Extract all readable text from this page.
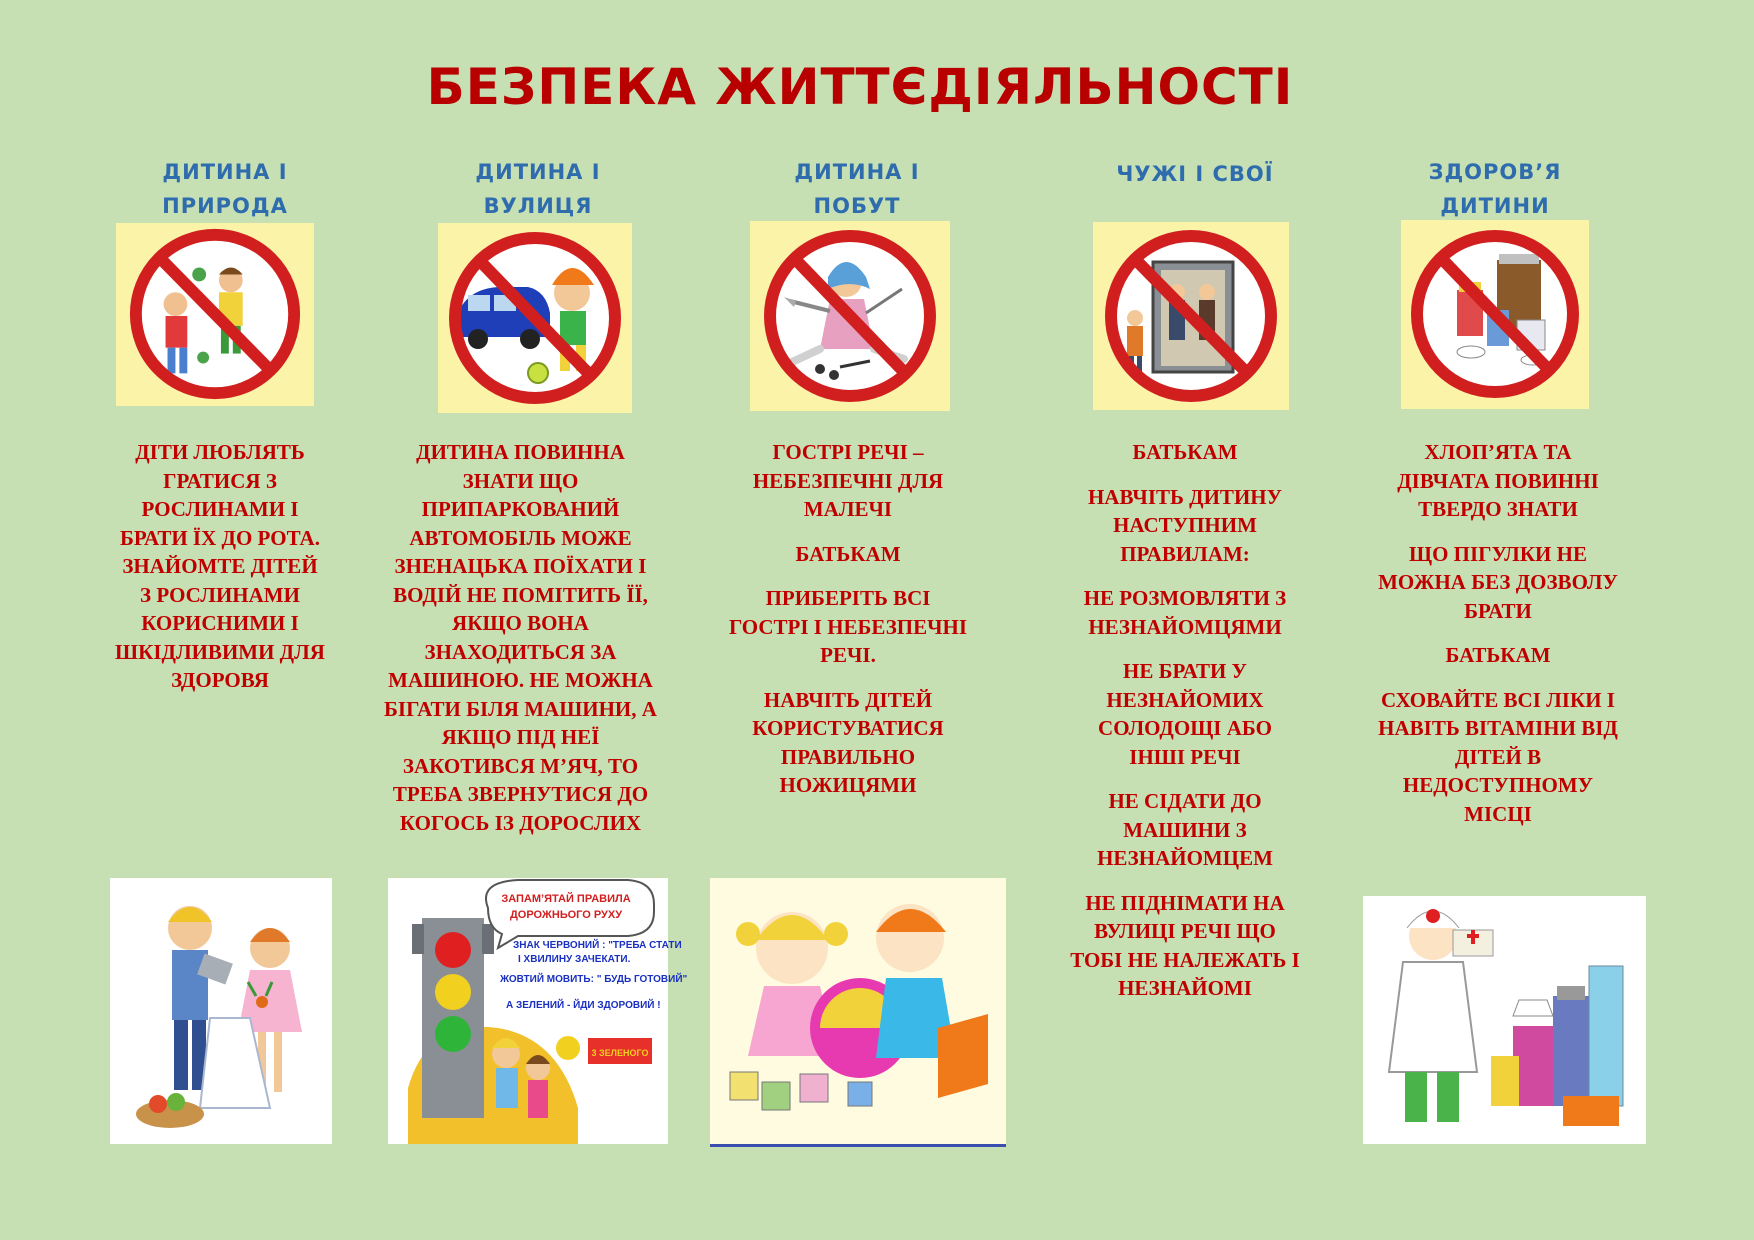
БЕЗПЕКА ЖИТТЄДІЯЛЬНОСТІ
ДИТИНА І
ПРИРОДА

ДІТИ ЛЮБЛЯТЬ ГРАТИСЯ З РОСЛИНАМИ І БРАТИ ЇХ ДО РОТА. ЗНАЙОМТЕ ДІТЕЙ З РОСЛИНАМИ КОРИСНИМИ І ШКІДЛИВИМИ ДЛЯ ЗДОРОВЯ

ДИТИНА І
ВУЛИЦЯ

ДИТИНА ПОВИННА ЗНАТИ ЩО ПРИПАРКОВАНИЙ АВТОМОБІЛЬ МОЖЕ ЗНЕНАЦЬКА ПОЇХАТИ І ВОДІЙ НЕ ПОМІТИТЬ ЇЇ, ЯКЩО ВОНА ЗНАХОДИТЬСЯ ЗА МАШИНОЮ. НЕ МОЖНА БІГАТИ БІЛЯ МАШИНИ, А ЯКЩО ПІД НЕЇ ЗАКОТИВСЯ М’ЯЧ, ТО ТРЕБА ЗВЕРНУТИСЯ ДО КОГОСЬ ІЗ ДОРОСЛИХ

ЗАПАМ’ЯТАЙ ПРАВИЛА
ДОРОЖНЬОГО РУХУ
ЗНАК ЧЕРВОНИЙ : "ТРЕБА СТАТИ
І ХВИЛИНУ ЗАЧЕКАТИ.
ЖОВТИЙ МОВИТЬ: " БУДЬ ГОТОВИЙ"
А ЗЕЛЕНИЙ - ЙДИ ЗДОРОВИЙ !
3 ЗЕЛЕНОГО
ДИТИНА І
ПОБУТ

ГОСТРІ РЕЧІ – НЕБЕЗПЕЧНІ ДЛЯ МАЛЕЧІ

БАТЬКАМ

ПРИБЕРІТЬ ВСІ ГОСТРІ І НЕБЕЗПЕЧНІ РЕЧІ.

НАВЧІТЬ ДІТЕЙ КОРИСТУВАТИСЯ ПРАВИЛЬНО НОЖИЦЯМИ

ЧУЖІ І СВОЇ

БАТЬКАМ

НАВЧІТЬ ДИТИНУ НАСТУПНИМ ПРАВИЛАМ:

НЕ РОЗМОВЛЯТИ З НЕЗНАЙОМЦЯМИ

НЕ БРАТИ У НЕЗНАЙОМИХ СОЛОДОЩІ АБО ІНШІ РЕЧІ

НЕ СІДАТИ ДО МАШИНИ З НЕЗНАЙОМЦЕМ

НЕ ПІДНІМАТИ НА ВУЛИЦІ РЕЧІ ЩО ТОБІ НЕ НАЛЕЖАТЬ І НЕЗНАЙОМІ

ЗДОРОВ’Я
ДИТИНИ

ХЛОП’ЯТА ТА ДІВЧАТА ПОВИННІ ТВЕРДО ЗНАТИ

ЩО ПІГУЛКИ НЕ МОЖНА БЕЗ ДОЗВОЛУ БРАТИ

БАТЬКАМ

СХОВАЙТЕ ВСІ ЛІКИ І НАВІТЬ ВІТАМІНИ ВІД ДІТЕЙ В НЕДОСТУПНОМУ МІСЦІ
